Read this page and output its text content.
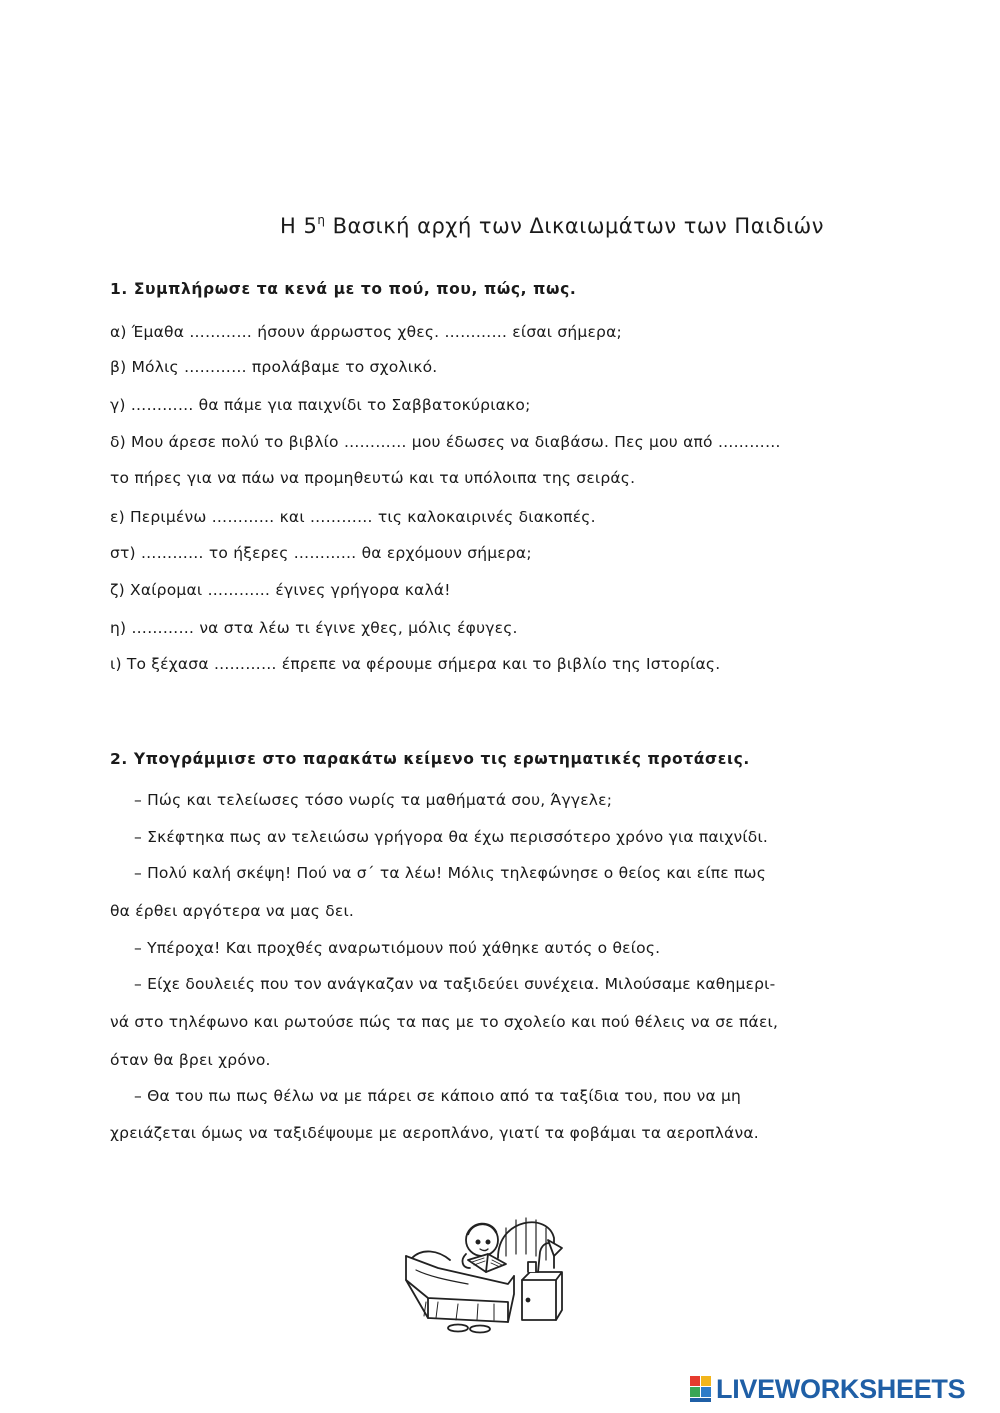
Η $5^\eta$ Βασική αρχή των Δικαιωμάτων των Παιδιών
1. Συμπλήρωσε τα κενά με το πού, που, πώς, πως.
α) Έμαθα ………… ήσουν άρρωστος χθες. ………… είσαι σήμερα;
β) Μόλις ………… προλάβαμε το σχολικό.
γ) ………… θα πάμε για παιχνίδι το Σαββατοκύριακο;
δ) Μου άρεσε πολύ το βιβλίο ………… μου έδωσες να διαβάσω. Πες μου από …………
το πήρες για να πάω να προμηθευτώ και τα υπόλοιπα της σειράς.
ε) Περιμένω ………… και ………… τις καλοκαιρινές διακοπές.
στ) ………… το ήξερες ………… θα ερχόμουν σήμερα;
ζ) Χαίρομαι ………… έγινες γρήγορα καλά!
η) ………… να στα λέω τι έγινε χθες, μόλις έφυγες.
ι) Το ξέχασα ………… έπρεπε να φέρουμε σήμερα και το βιβλίο της Ιστορίας.
2. Υπογράμμισε στο παρακάτω κείμενο τις ερωτηματικές προτάσεις.
– Πώς και τελείωσες τόσο νωρίς τα μαθήματά σου, Άγγελε;
– Σκέφτηκα πως αν τελειώσω γρήγορα θα έχω περισσότερο χρόνο για παιχνίδι.
– Πολύ καλή σκέψη! Πού να σ΄ τα λέω! Μόλις τηλεφώνησε ο θείος και είπε πως
θα έρθει αργότερα να μας δει.
– Υπέροχα! Και προχθές αναρωτιόμουν πού χάθηκε αυτός ο θείος.
– Είχε δουλειές που τον ανάγκαζαν να ταξιδεύει συνέχεια. Μιλούσαμε καθημερι-
νά στο τηλέφωνο και ρωτούσε πώς τα πας με το σχολείο και πού θέλεις να σε πάει,
όταν θα βρει χρόνο.
– Θα του πω πως θέλω να με πάρει σε κάποιο από τα ταξίδια του, που να μη
χρειάζεται όμως να ταξιδέψουμε με αεροπλάνο, γιατί τα φοβάμαι τα αεροπλάνα.
LIVEWORKSHEETS
